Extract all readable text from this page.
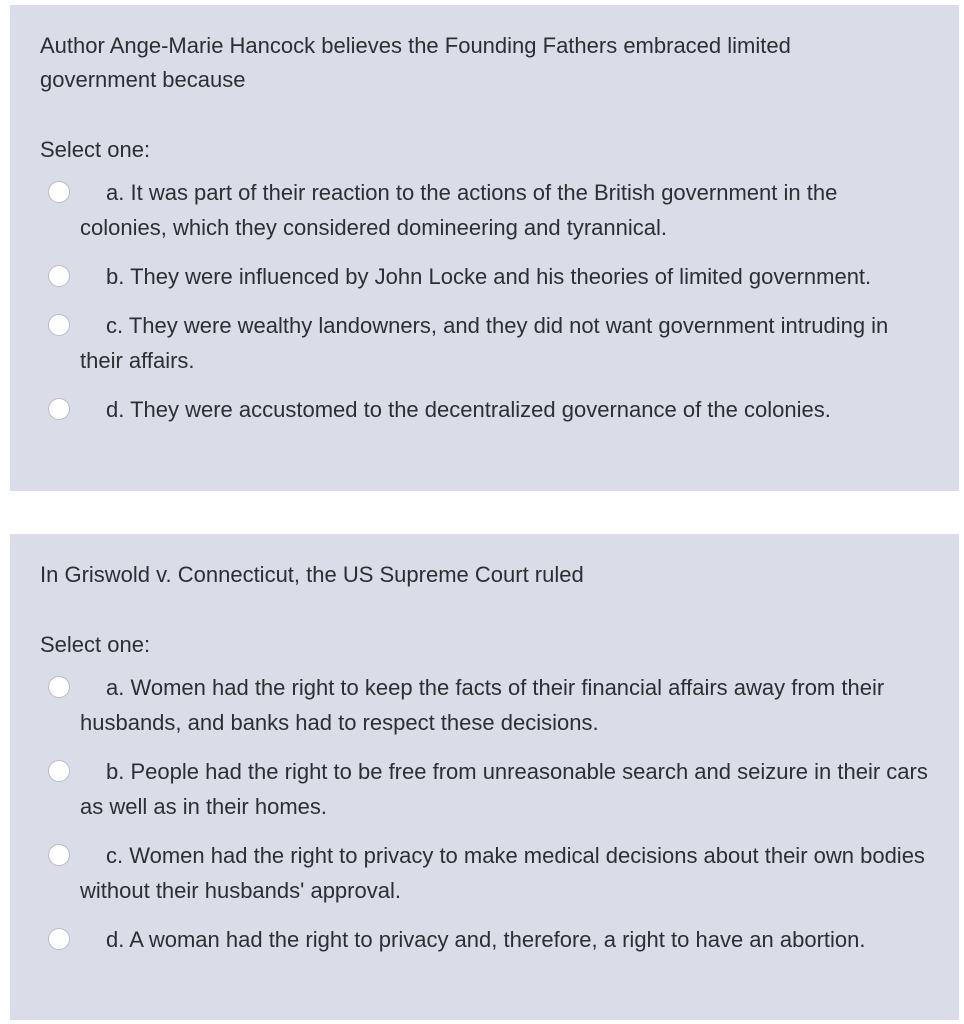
Author Ange-Marie Hancock believes the Founding Fathers embraced limited government because

Select one:

a. It was part of their reaction to the actions of the British government in the colonies, which they considered domineering and tyrannical.
b. They were influenced by John Locke and his theories of limited government.
c. They were wealthy landowners, and they did not want government intruding in their affairs.
d. They were accustomed to the decentralized governance of the colonies.

In Griswold v. Connecticut, the US Supreme Court ruled

Select one:

a. Women had the right to keep the facts of their financial affairs away from their husbands, and banks had to respect these decisions.
b. People had the right to be free from unreasonable search and seizure in their cars as well as in their homes.
c. Women had the right to privacy to make medical decisions about their own bodies without their husbands' approval.
d. A woman had the right to privacy and, therefore, a right to have an abortion.
